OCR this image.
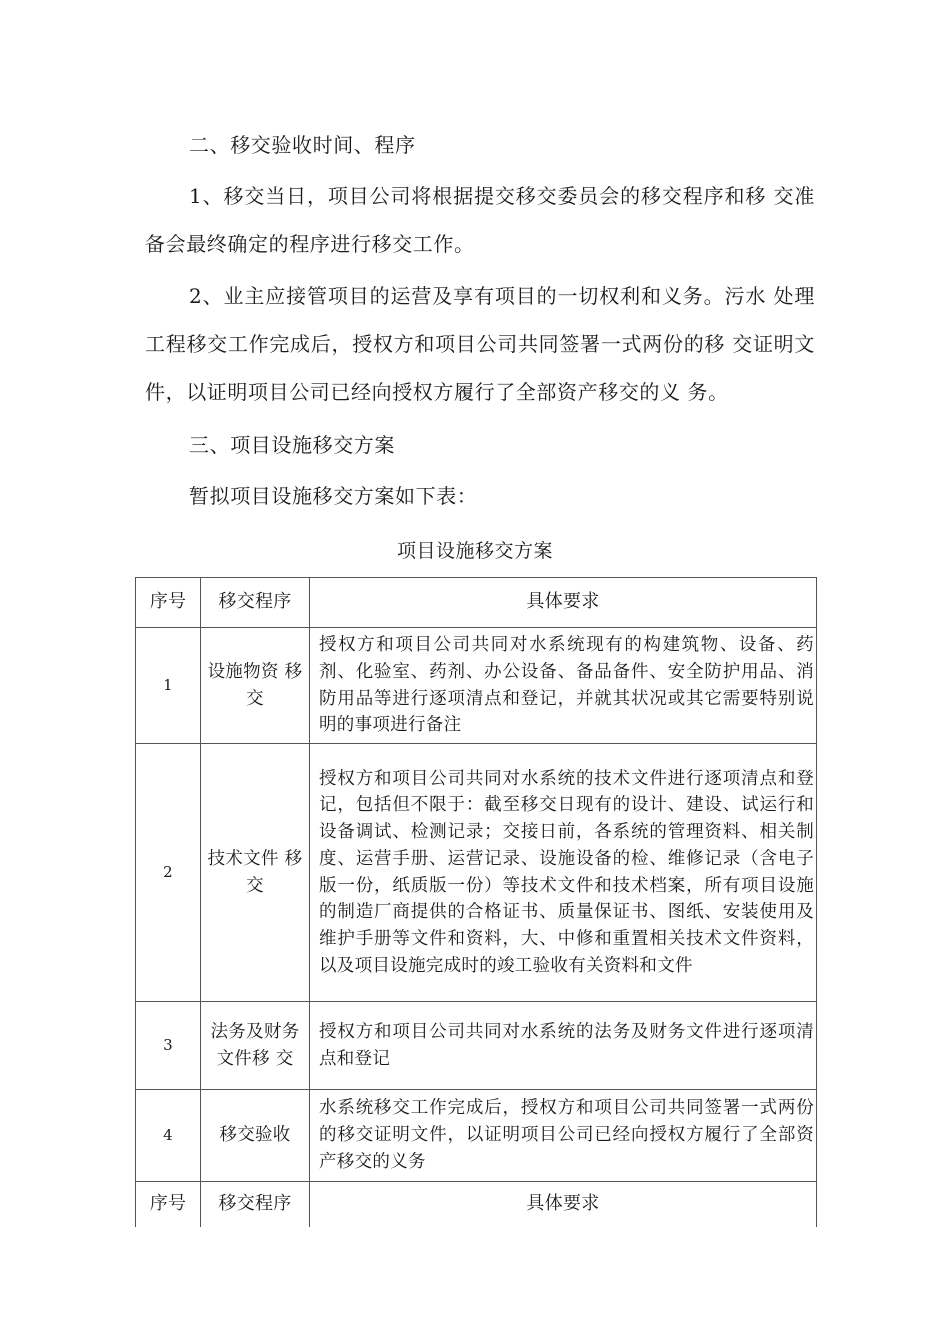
二、移交验收时间、程序

1、移交当日，项目公司将根据提交移交委员会的移交程序和移 交准备会最终确定的程序进行移交工作。

2、业主应接管项目的运营及享有项目的一切权利和义务。污水 处理工程移交工作完成后，授权方和项目公司共同签署一式两份的移 交证明文件，以证明项目公司已经向授权方履行了全部资产移交的义 务。

三、项目设施移交方案

暂拟项目设施移交方案如下表：

项目设施移交方案
序号	移交程序	具体要求
1	设施物资 移交	授权方和项目公司共同对水系统现有的构建筑物、设备、药剂、化验室、药剂、办公设备、备品备件、安全防护用品、消防用品等进行逐项清点和登记，并就其状况或其它需要特别说明的事项进行备注
2	技术文件 移交	授权方和项目公司共同对水系统的技术文件进行逐项清点和登记，包括但不限于：截至移交日现有的设计、建设、试运行和设备调试、检测记录；交接日前，各系统的管理资料、相关制度、运营手册、运营记录、设施设备的检、维修记录（含电子版一份，纸质版一份）等技术文件和技术档案，所有项目设施的制造厂商提供的合格证书、质量保证书、图纸、安装使用及维护手册等文件和资料，大、中修和重置相关技术文件资料，以及项目设施完成时的竣工验收有关资料和文件
3	法务及财务文件移 交	授权方和项目公司共同对水系统的法务及财务文件进行逐项清点和登记
4	移交验收	水系统移交工作完成后，授权方和项目公司共同签署一式两份的移交证明文件，以证明项目公司已经向授权方履行了全部资产移交的义务
序号	移交程序	具体要求
